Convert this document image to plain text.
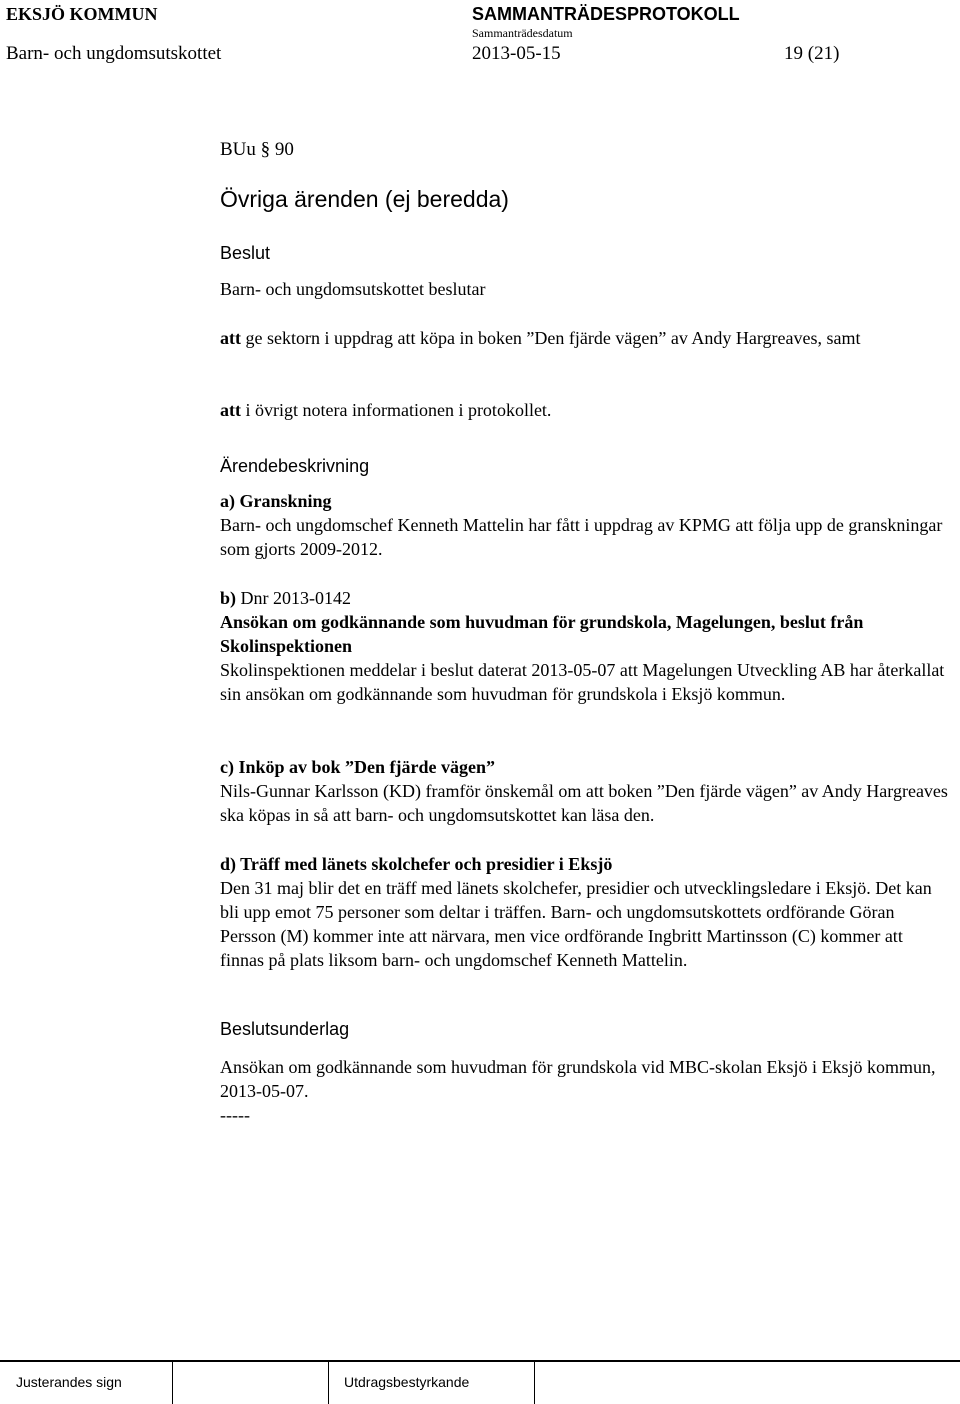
EKSJÖ KOMMUN	SAMMANTRÄDESPROTOKOLL
Sammanträdesdatum
Barn- och ungdomsutskottet	2013-05-15	19 (21)
BUu § 90
Övriga ärenden (ej beredda)
Beslut

Barn- och ungdomsutskottet beslutar

att ge sektorn i uppdrag att köpa in boken ”Den fjärde vägen” av Andy Hargreaves, samt

att i övrigt notera informationen i protokollet.

Ärendebeskrivning

a) Granskning

Barn- och ungdomschef Kenneth Mattelin har fått i uppdrag av KPMG att följa upp de granskningar som gjorts 2009-2012.

b) Dnr 2013-0142

Ansökan om godkännande som huvudman för grundskola, Magelungen, beslut från Skolinspektionen

Skolinspektionen meddelar i beslut daterat 2013-05-07 att Magelungen Utveckling AB har återkallat sin ansökan om godkännande som huvudman för grundskola i Eksjö kommun.

c) Inköp av bok ”Den fjärde vägen”

Nils-Gunnar Karlsson (KD) framför önskemål om att boken ”Den fjärde vägen” av Andy Hargreaves ska köpas in så att barn- och ungdomsutskottet kan läsa den.

d) Träff med länets skolchefer och presidier i Eksjö

Den 31 maj blir det en träff med länets skolchefer, presidier och utvecklingsledare i Eksjö. Det kan bli upp emot 75 personer som deltar i träffen. Barn- och ungdomsutskottets ordförande Göran Persson (M) kommer inte att närvara, men vice ordförande Ingbritt Martinsson (C) kommer att finnas på plats liksom barn- och ungdomschef Kenneth Mattelin.

Beslutsunderlag

Ansökan om godkännande som huvudman för grundskola vid MBC-skolan Eksjö i Eksjö kommun, 2013-05-07.

-----

Justerandes sign	Utdragsbestyrkande
